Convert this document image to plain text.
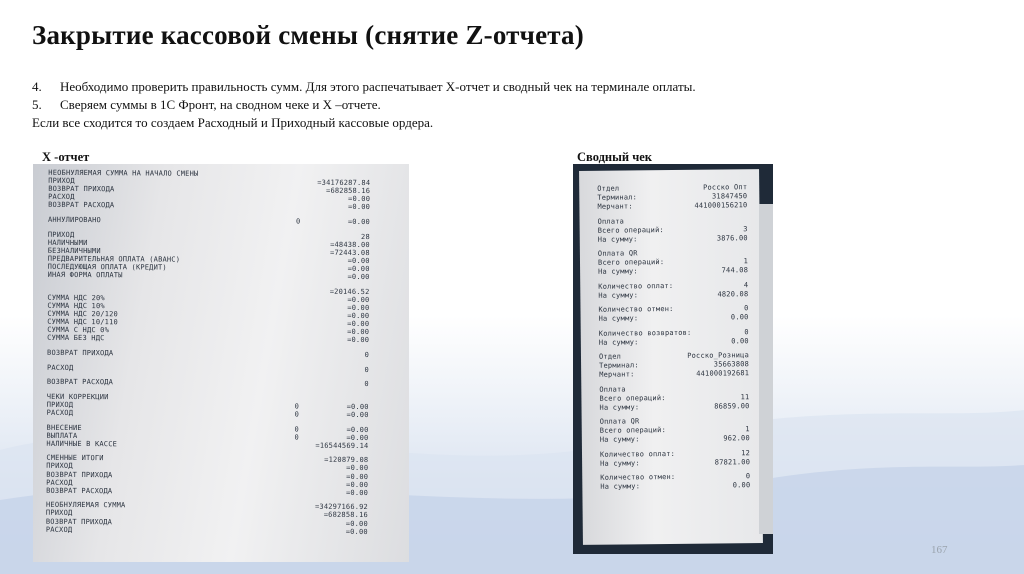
Закрытие кассовой смены (снятие Z-отчета)
4. Необходимо проверить правильность сумм. Для этого распечатывает Х-отчет и сводный чек на терминале оплаты.
5. Сверяем суммы в 1С Фронт, на сводном чеке и Х –отчете.
Если все сходится то создаем Расходный и Приходный кассовые ордера.
Х -отчет	Сводный чек
НЕОБНУЛЯЕМАЯ СУММА НА НАЧАЛО СМЕНЫ
ПРИХОД	=34176287.84
ВОЗВРАТ ПРИХОДА	=682858.16
РАСХОД	=0.00
ВОЗВРАТ РАСХОДА	=0.00
АННУЛИРОВАНО	0	=0.00
ПРИХОД	28
НАЛИЧНЫМИ	=48438.00
БЕЗНАЛИЧНЫМИ	=72443.08
ПРЕДВАРИТЕЛЬНАЯ ОПЛАТА (АВАНС)	=0.00
ПОСЛЕДУЮЩАЯ ОПЛАТА (КРЕДИТ)	=0.00
ИНАЯ ФОРМА ОПЛАТЫ	=0.00
=20146.52
СУММА НДС 20%	=0.00
СУММА НДС 10%	=0.00
СУММА НДС 20/120	=0.00
СУММА НДС 10/110	=0.00
СУММА С НДС 0%	=0.00
СУММА БЕЗ НДС	=0.00
ВОЗВРАТ ПРИХОДА	0
РАСХОД	0
ВОЗВРАТ РАСХОДА	0
ЧЕКИ КОРРЕКЦИИ
ПРИХОД	0	=0.00
РАСХОД	0	=0.00
ВНЕСЕНИЕ	0	=0.00
ВЫПЛАТА	0	=0.00
НАЛИЧНЫЕ В КАССЕ	=16544569.14
СМЕННЫЕ ИТОГИ	=120879.08
ПРИХОД	=0.00
ВОЗВРАТ ПРИХОДА	=0.00
РАСХОД	=0.00
ВОЗВРАТ РАСХОДА	=0.00
НЕОБНУЛЯЕМАЯ СУММА	=34297166.92
ПРИХОД	=682858.16
ВОЗВРАТ ПРИХОДА	=0.00
РАСХОД	=0.00
Отдел	Росско Опт
Терминал:	31847450
Мерчант:	441000156210
Оплата
Всего операций:	3
На сумму:	3876.00
Оплата QR
Всего операций:	1
На сумму:	744.08
Количество оплат:	4
На сумму:	4820.08
Количество отмен:	0
На сумму:	0.00
Количество возвратов:	0
На сумму:	0.00
Отдел	Росско_Розница
Терминал:	35663808
Мерчант:	441000192681
Оплата
Всего операций:	11
На сумму:	86859.00
Оплата QR
Всего операций:	1
На сумму:	962.00
Количество оплат:	12
На сумму:	87821.00
Количество отмен:	0
На сумму:	0.00
167
